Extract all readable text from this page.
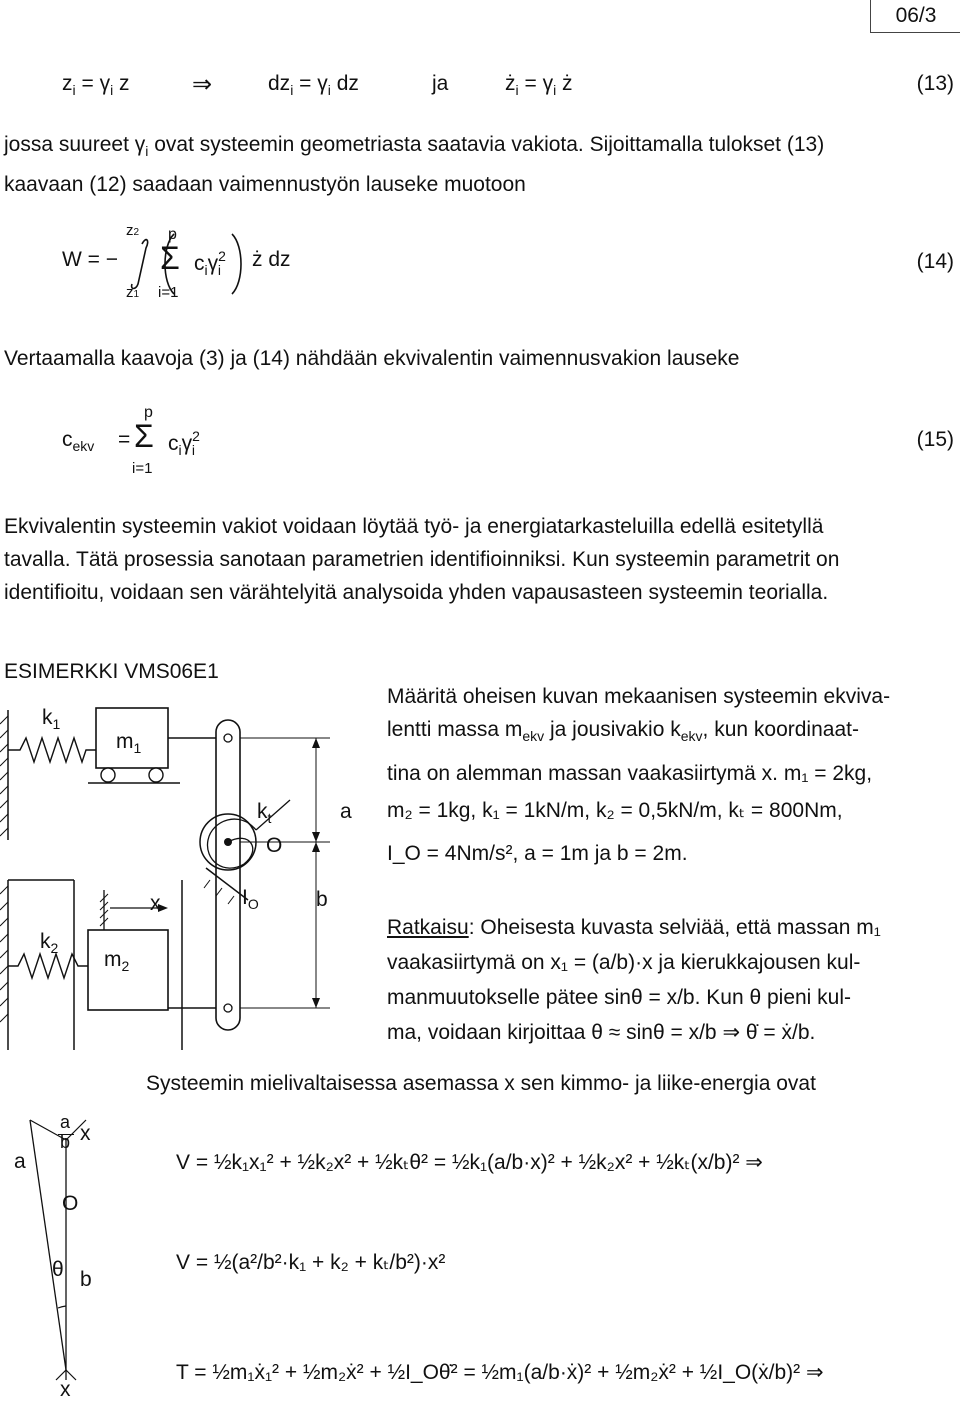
06/3
$z_i = \gamma_i$ z	⇒	$dz_i = \gamma_i$ dz	ja	$ż_i = \gamma_i$ ż	(13)
jossa suureet $\gamma_i$ ovat systeemin geometriasta saatavia vakiota. Sijoittamalla tulokset (13)
kaavaan (12) saadaan vaimennustyön lauseke muotoon
W = −
z2
z1
p
Σ
i=1
$c_i\gamma^2_i$ ż dz	(14)
Vertaamalla kaavoja (3) ja (14) nähdään ekvivalentin vaimennusvakion lauseke
$c_{ekv}$ =
p
Σ
i=1
$c_i\gamma^2_i$	(15)
Ekvivalentin systeemin vakiot voidaan löytää työ- ja energiatarkasteluilla edellä esitetyllä
tavalla. Tätä prosessia sanotaan parametrien identifioinniksi. Kun systeemin parametrit on
identifioitu, voidaan sen värähtelyitä analysoida yhden vapausasteen systeemin teorialla.
ESIMERKKI VMS06E1
Määritä oheisen kuvan mekaanisen systeemin ekviva-
lentti massa $m_{ekv}$ ja jousivakio $k_{ekv}$, kun koordinaat-
tina on alemman massan vaakasiirtymä x. m₁ = 2kg,
m₂ = 1kg, k₁ = 1kN/m, k₂ = 0,5kN/m, kₜ = 800Nm,
I_O = 4Nm/s², a = 1m ja b = 2m.
Ratkaisu: Oheisesta kuvasta selviää, että massan m₁
vaakasiirtymä on x₁ = (a/b)·x ja kierukkajousen kul-
manmuutokselle pätee sinθ = x/b. Kun θ pieni kul-
ma, voidaan kirjoittaa θ ≈ sinθ = x/b ⇒ θ̇ = ẋ/b.
$k_1$
$m_1$
$k_t$	a
O
$I_O$	b
x
$k_2$ $m_2$
a
a
b x
O
θ b
x
Systeemin mielivaltaisessa asemassa x sen kimmo- ja liike-energia ovat
V = ½k₁x₁² + ½k₂x² + ½kₜθ² = ½k₁(a/b·x)² + ½k₂x² + ½kₜ(x/b)² ⇒
V = ½(a²/b²·k₁ + k₂ + kₜ/b²)·x²
T = ½m₁ẋ₁² + ½m₂ẋ² + ½I_Oθ̇² = ½m₁(a/b·ẋ)² + ½m₂ẋ² + ½I_O(ẋ/b)² ⇒
